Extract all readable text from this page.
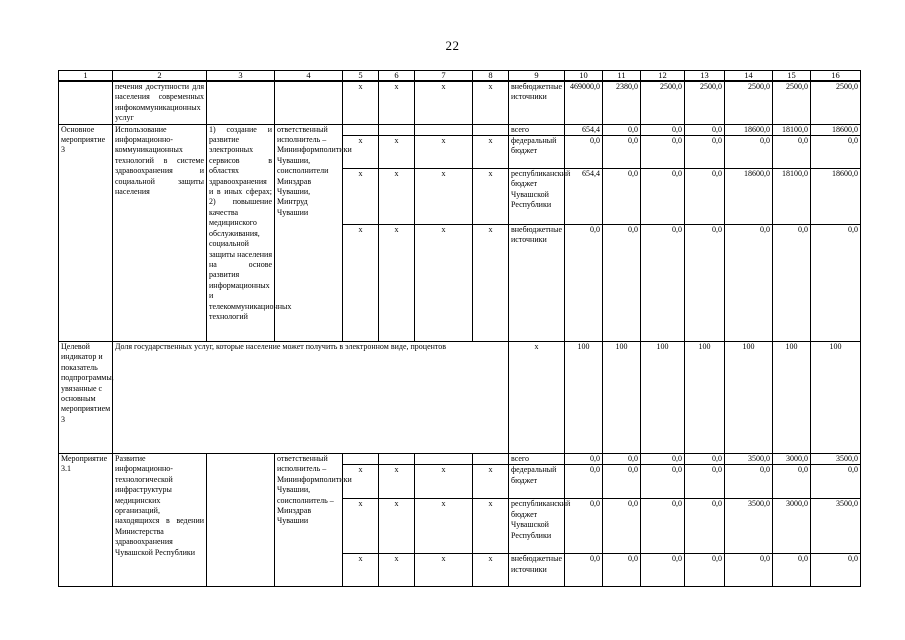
22
1	2	3	4	5	6	7	8	9	10	11	12	13	14	15	16
	печения доступности для населения современных инфокоммуникационных услуг			x	x	x	x	внебюджетные источники	469000,0	2380,0	2500,0	2500,0	2500,0	2500,0	2500,0
Основное мероприятие 3	Использование информационно-коммуникационных технологий в системе здравоохранения и социальной защиты населения	1) создание и развитие электронных сервисов в областях здравоохранения и в иных сферах; 2) повышение качества медицинского обслуживания, социальной защиты населения на основе развития информационных и телекоммуникационных технологий	ответственный исполнитель – Мининформполитики Чувашии, соисполнители Минздрав Чувашии, Минтруд Чувашии					всего	654,4	0,0	0,0	0,0	18600,0	18100,0	18600,0
				x	x	x	x	федеральный бюджет	0,0	0,0	0,0	0,0	0,0	0,0	0,0
				x	x	x	x	республиканский бюджет Чувашской Республики	654,4	0,0	0,0	0,0	18600,0	18100,0	18600,0
				x	x	x	x	внебюджетные источники	0,0	0,0	0,0	0,0	0,0	0,0	0,0
Целевой индикатор и показатель подпрограммы, увязанные с основным мероприятием 3	Доля государственных услуг, которые население может получить в электронном виде, процентов							x	100	100	100	100	100	100	100
Мероприятие 3.1	Развитие информационно-технологической инфраструктуры медицинских организаций, находящихся в ведении Министерства здравоохранения Чувашской Республики		ответственный исполнитель – Мининформполитики Чувашии, соисполнитель – Минздрав Чувашии					всего	0,0	0,0	0,0	0,0	3500,0	3000,0	3500,0
				x	x	x	x	федеральный бюджет	0,0	0,0	0,0	0,0	0,0	0,0	0,0
				x	x	x	x	республиканский бюджет Чувашской Республики	0,0	0,0	0,0	0,0	3500,0	3000,0	3500,0
				x	x	x	x	внебюджетные источники	0,0	0,0	0,0	0,0	0,0	0,0	0,0
